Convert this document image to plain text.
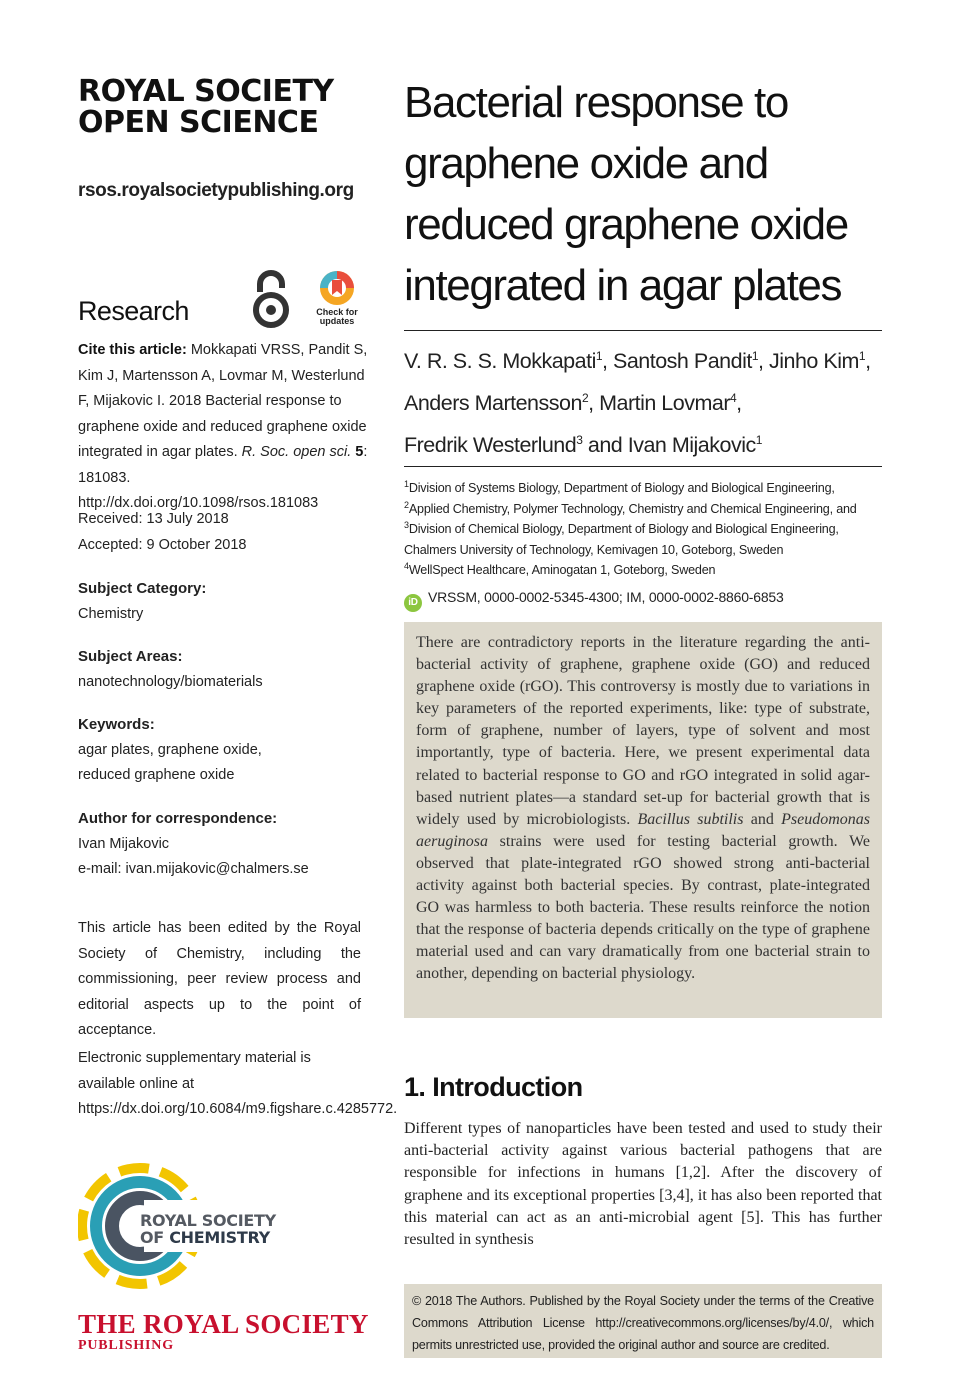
ROYAL SOCIETY
OPEN SCIENCE
rsos.royalsocietypublishing.org
Research	Check for
updates
Cite this article: Mokkapati VRSS, Pandit S, Kim J, Martensson A, Lovmar M, Westerlund F, Mijakovic I. 2018 Bacterial response to graphene oxide and reduced graphene oxide integrated in agar plates. R. Soc. open sci. 5: 181083. http://dx.doi.org/10.1098/rsos.181083
Received: 13 July 2018
Accepted: 9 October 2018
Subject Category:
Chemistry
Subject Areas:
nanotechnology/biomaterials
Keywords:
agar plates, graphene oxide, reduced graphene oxide
Author for correspondence:
Ivan Mijakovic
e-mail: ivan.mijakovic@chalmers.se
This article has been edited by the Royal Society of Chemistry, including the commissioning, peer review process and editorial aspects up to the point of acceptance.
Electronic supplementary material is available online at https://dx.doi.org/10.6084/m9.figshare.c.4285772.
ROYAL SOCIETY
OF CHEMISTRY
THE ROYAL SOCIETY
PUBLISHING
Bacterial response to
graphene oxide and
reduced graphene oxide
integrated in agar plates
V. R. S. S. Mokkapati$^1$, Santosh Pandit$^1$, Jinho Kim$^1$,
Anders Martensson$^2$, Martin Lovmar$^4$,
Fredrik Westerlund$^3$ and Ivan Mijakovic$^1$
$^1$Division of Systems Biology, Department of Biology and Biological Engineering,
$^2$Applied Chemistry, Polymer Technology, Chemistry and Chemical Engineering, and $^3$Division of Chemical Biology, Department of Biology and Biological Engineering, Chalmers University of Technology, Kemivagen 10, Goteborg, Sweden
$^4$WellSpect Healthcare, Aminogatan 1, Goteborg, Sweden
iD VRSSM, 0000-0002-5345-4300; IM, 0000-0002-8860-6853

There are contradictory reports in the literature regarding the anti-bacterial activity of graphene, graphene oxide (GO) and reduced graphene oxide (rGO). This controversy is mostly due to variations in key parameters of the reported experiments, like: type of substrate, form of graphene, number of layers, type of solvent and most importantly, type of bacteria. Here, we present experimental data related to bacterial response to GO and rGO integrated in solid agar-based nutrient plates—a standard set-up for bacterial growth that is widely used by microbiologists. Bacillus subtilis and Pseudomonas aeruginosa strains were used for testing bacterial growth. We observed that plate-integrated rGO showed strong anti-bacterial activity against both bacterial species. By contrast, plate-integrated GO was harmless to both bacteria. These results reinforce the notion that the response of bacteria depends critically on the type of graphene material used and can vary dramatically from one bacterial strain to another, depending on bacterial physiology.

1. Introduction

Different types of nanoparticles have been tested and used to study their anti-bacterial activity against various bacterial pathogens that are responsible for infections in humans [1,2]. After the discovery of graphene and its exceptional properties [3,4], it has also been reported that this material can act as an anti-microbial agent [5]. This has further resulted in synthesis

© 2018 The Authors. Published by the Royal Society under the terms of the Creative Commons Attribution License http://creativecommons.org/licenses/by/4.0/, which permits unrestricted use, provided the original author and source are credited.
